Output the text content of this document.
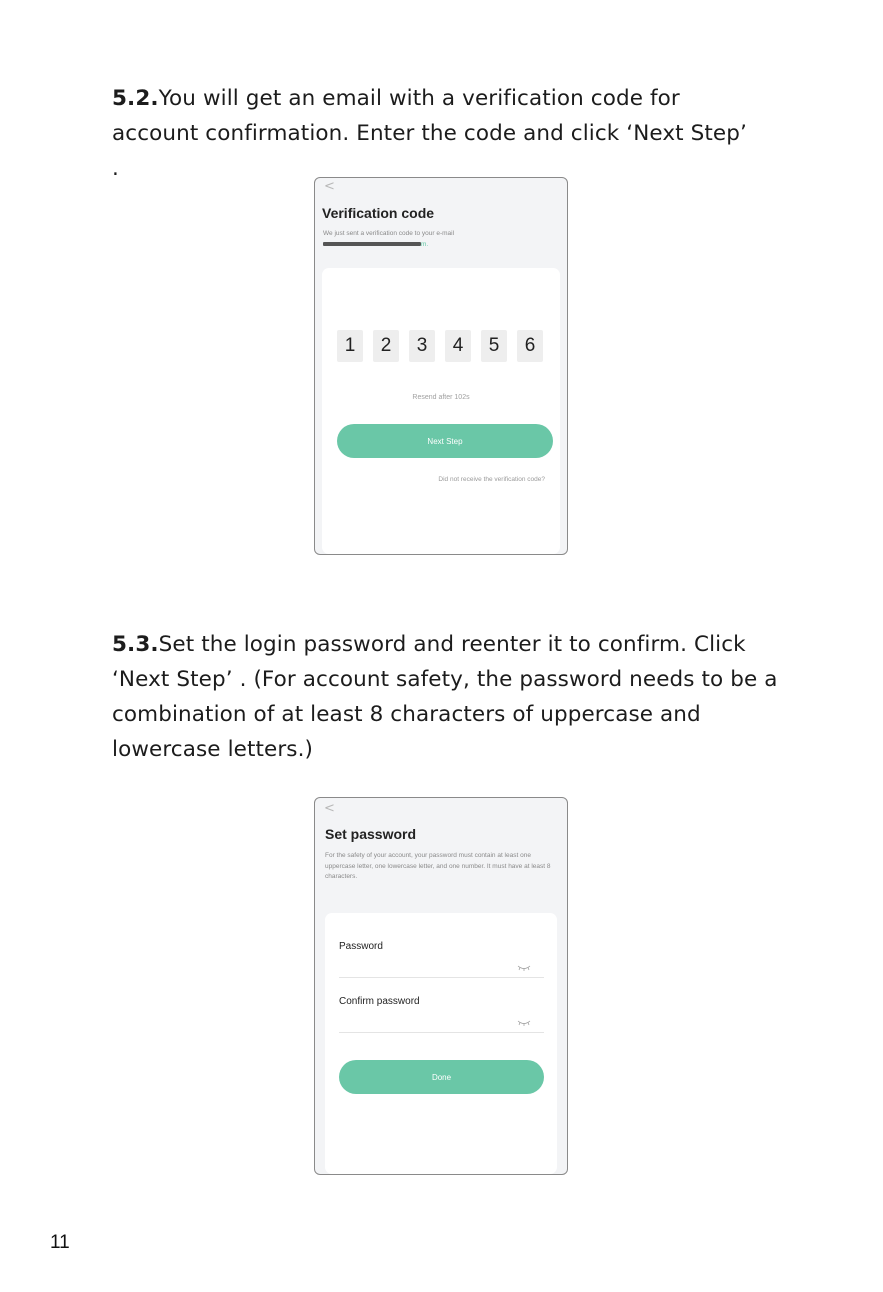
5.2.You will get an email with a verification code for account confirmation. Enter the code and click ‘Next Step’ .

<
Verification code
We just sent a verification code to your e-mail
m.
1	2	3	4	5	6
Resend after 102s
Next Step
Did not receive the verification code?

5.3.Set the login password and reenter it to confirm. Click ‘Next Step’ . (For account safety, the password needs to be a combination of at least 8 characters of uppercase and lowercase letters.)

<
Set password
For the safety of your account, your password must contain at least one uppercase letter, one lowercase letter, and one number. It must have at least 8 characters.
Password
Confirm password
Done
11
